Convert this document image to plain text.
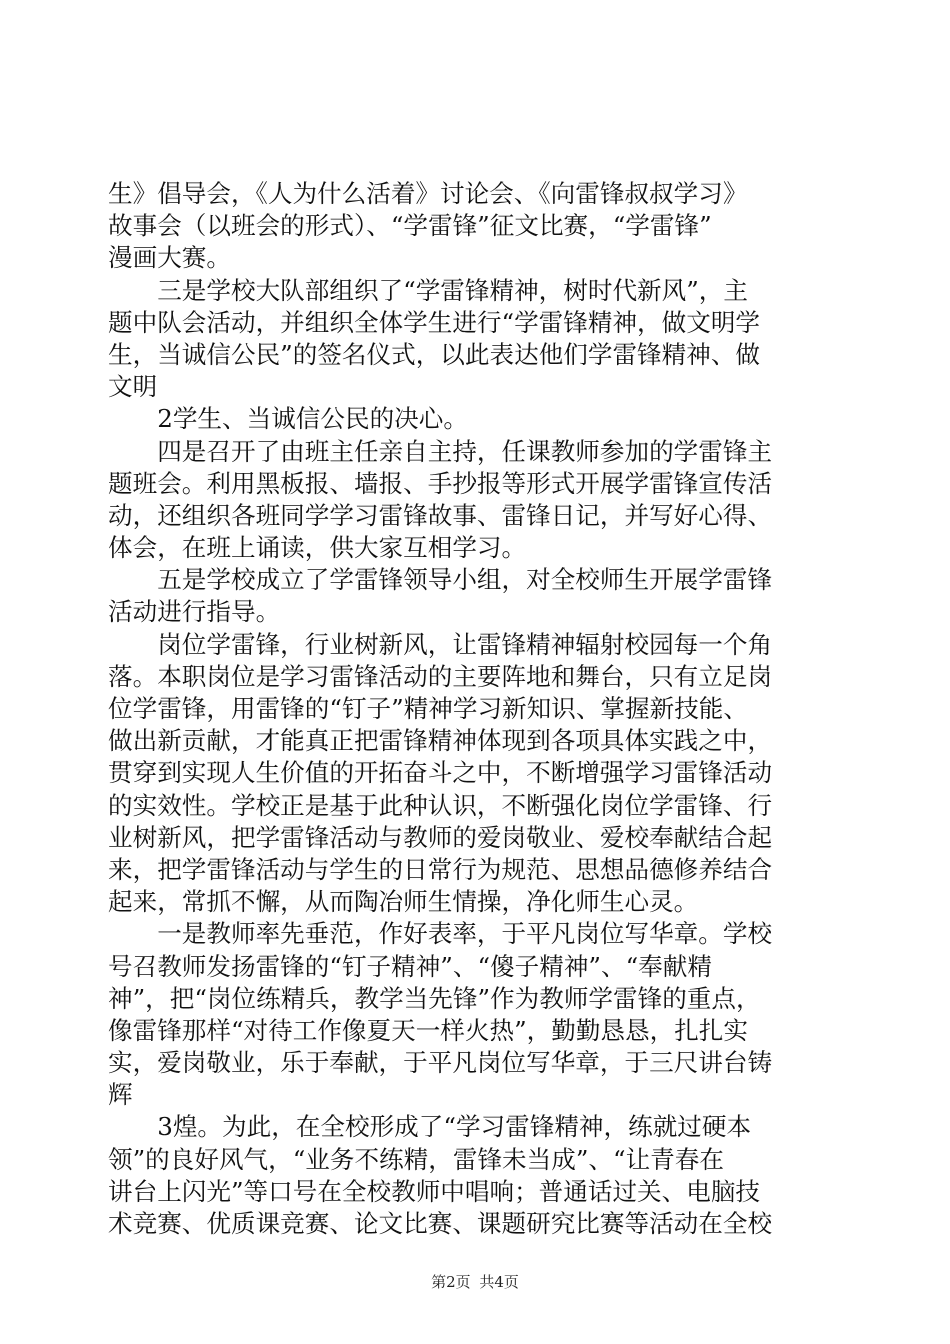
生》倡导会，《人为什么活着》讨论会、《向雷锋叔叔学习》
故事会（以班会的形式）、“学雷锋”征文比赛，“学雷锋”
漫画大赛。
　　三是学校大队部组织了“学雷锋精神，树时代新风”，主
题中队会活动，并组织全体学生进行“学雷锋精神，做文明学
生，当诚信公民”的签名仪式，以此表达他们学雷锋精神、做
文明
　　2学生、当诚信公民的决心。
　　四是召开了由班主任亲自主持，任课教师参加的学雷锋主
题班会。利用黑板报、墙报、手抄报等形式开展学雷锋宣传活
动，还组织各班同学学习雷锋故事、雷锋日记，并写好心得、
体会，在班上诵读，供大家互相学习。
　　五是学校成立了学雷锋领导小组，对全校师生开展学雷锋
活动进行指导。
　　岗位学雷锋，行业树新风，让雷锋精神辐射校园每一个角
落。本职岗位是学习雷锋活动的主要阵地和舞台，只有立足岗
位学雷锋，用雷锋的“钉子”精神学习新知识、掌握新技能、
做出新贡献，才能真正把雷锋精神体现到各项具体实践之中，
贯穿到实现人生价值的开拓奋斗之中，不断增强学习雷锋活动
的实效性。学校正是基于此种认识，不断强化岗位学雷锋、行
业树新风，把学雷锋活动与教师的爱岗敬业、爱校奉献结合起
来，把学雷锋活动与学生的日常行为规范、思想品德修养结合
起来，常抓不懈，从而陶冶师生情操，净化师生心灵。
　　一是教师率先垂范，作好表率，于平凡岗位写华章。学校
号召教师发扬雷锋的“钉子精神”、“傻子精神”、“奉献精
神”，把“岗位练精兵，教学当先锋”作为教师学雷锋的重点，
像雷锋那样“对待工作像夏天一样火热”，勤勤恳恳，扎扎实
实，爱岗敬业，乐于奉献，于平凡岗位写华章，于三尺讲台铸
辉
　　3煌。为此，在全校形成了“学习雷锋精神，练就过硬本
领”的良好风气，“业务不练精，雷锋未当成”、“让青春在
讲台上闪光”等口号在全校教师中唱响；普通话过关、电脑技
术竞赛、优质课竞赛、论文比赛、课题研究比赛等活动在全校
第2页 共4页
